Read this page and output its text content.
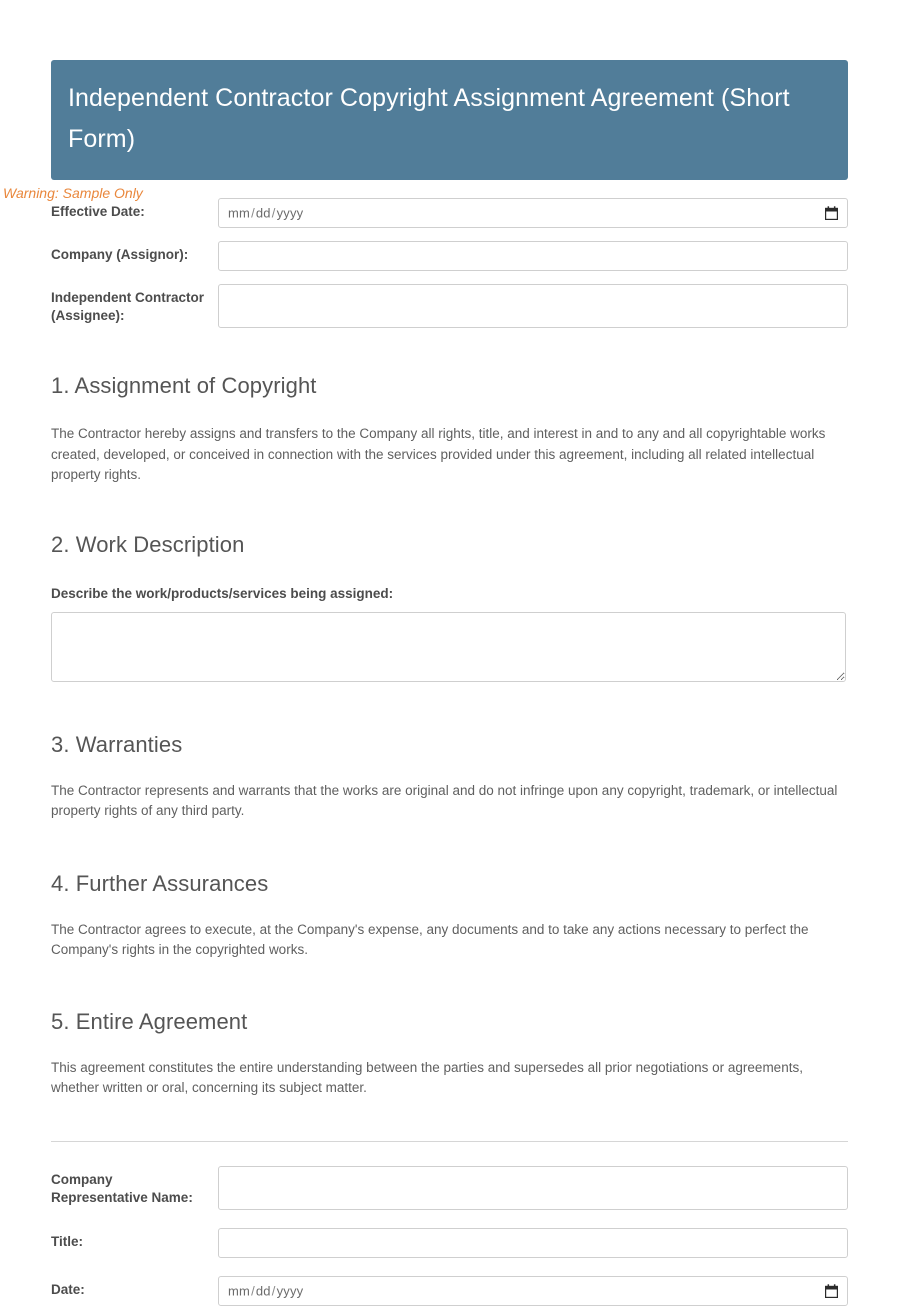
Independent Contractor Copyright Assignment Agreement (Short Form)
Effective Date:	mm/dd/yyyy
Company (Assignor):
Independent Contractor (Assignee):
1. Assignment of Copyright

The Contractor hereby assigns and transfers to the Company all rights, title, and interest in and to any and all copyrightable works created, developed, or conceived in connection with the services provided under this agreement, including all related intellectual property rights.

2. Work Description
Describe the work/products/services being assigned:
3. Warranties

The Contractor represents and warrants that the works are original and do not infringe upon any copyright, trademark, or intellectual property rights of any third party.

4. Further Assurances

The Contractor agrees to execute, at the Company's expense, any documents and to take any actions necessary to perfect the Company's rights in the copyrighted works.

5. Entire Agreement

This agreement constitutes the entire understanding between the parties and supersedes all prior negotiations or agreements, whether written or oral, concerning its subject matter.

Company Representative Name:
Title:
Date:	mm/dd/yyyy
Warning: Sample Only
